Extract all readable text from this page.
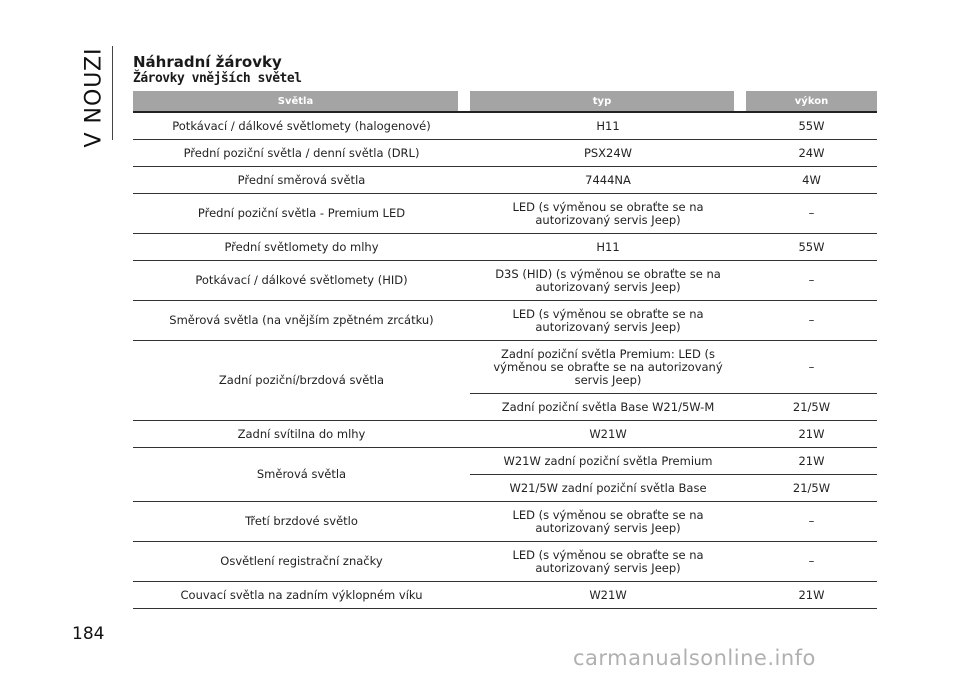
V NOUZI Náhradní žárovky
Žárovky vnějších světel
Světla	typ	výkon

Potkávací / dálkové světlomety (halogenové)	H11	55W
Přední poziční světla / denní světla (DRL)	PSX24W	24W
Přední směrová světla	7444NA	4W
Přední poziční světla - Premium LED	LED (s výměnou se obraťte se na autorizovaný servis Jeep)	–
Přední světlomety do mlhy	H11	55W
Potkávací / dálkové světlomety (HID)	D3S (HID) (s výměnou se obraťte se na autorizovaný servis Jeep)	–
Směrová světla (na vnějším zpětném zrcátku)	LED (s výměnou se obraťte se na autorizovaný servis Jeep)	–
Zadní poziční/brzdová světla	Zadní poziční světla Premium: LED (s výměnou se obraťte se na autorizovaný servis Jeep)	–
	Zadní poziční světla Base W21/5W-M	21/5W
Zadní svítilna do mlhy	W21W	21W
Směrová světla	W21W zadní poziční světla Premium	21W
	W21/5W zadní poziční světla Base	21/5W
Třetí brzdové světlo	LED (s výměnou se obraťte se na autorizovaný servis Jeep)	–
Osvětlení registrační značky	LED (s výměnou se obraťte se na autorizovaný servis Jeep)	–
Couvací světla na zadním výklopném víku	W21W	21W
184
carmanualsonline.info
